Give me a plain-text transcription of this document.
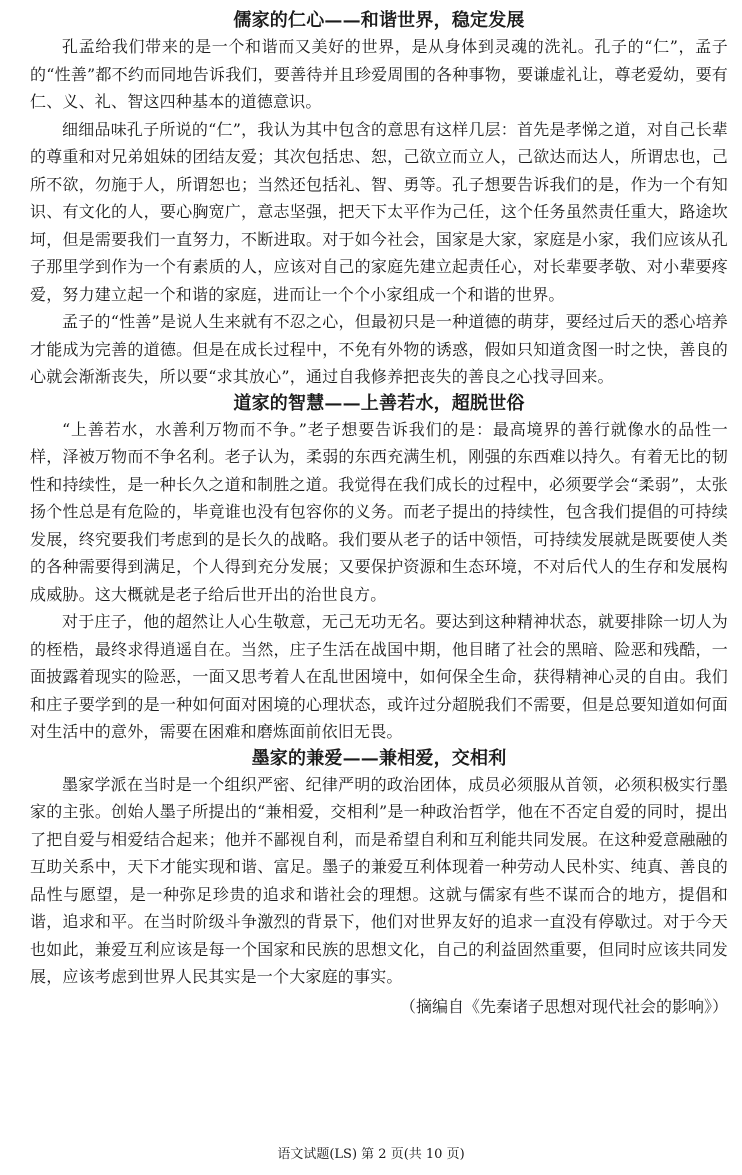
儒家的仁心——和谐世界，稳定发展

孔孟给我们带来的是一个和谐而又美好的世界，是从身体到灵魂的洗礼。孔子的“仁”，孟子的“性善”都不约而同地告诉我们，要善待并且珍爱周围的各种事物，要谦虚礼让，尊老爱幼，要有仁、义、礼、智这四种基本的道德意识。

细细品味孔子所说的“仁”，我认为其中包含的意思有这样几层：首先是孝悌之道，对自己长辈的尊重和对兄弟姐妹的团结友爱；其次包括忠、恕，己欲立而立人，己欲达而达人，所谓忠也，己所不欲，勿施于人，所谓恕也；当然还包括礼、智、勇等。孔子想要告诉我们的是，作为一个有知识、有文化的人，要心胸宽广，意志坚强，把天下太平作为己任，这个任务虽然责任重大，路途坎坷，但是需要我们一直努力，不断进取。对于如今社会，国家是大家，家庭是小家，我们应该从孔子那里学到作为一个有素质的人，应该对自己的家庭先建立起责任心，对长辈要孝敬、对小辈要疼爱，努力建立起一个和谐的家庭，进而让一个个小家组成一个和谐的世界。

孟子的“性善”是说人生来就有不忍之心，但最初只是一种道德的萌芽，要经过后天的悉心培养才能成为完善的道德。但是在成长过程中，不免有外物的诱惑，假如只知道贪图一时之快，善良的心就会渐渐丧失，所以要“求其放心”，通过自我修养把丧失的善良之心找寻回来。

道家的智慧——上善若水，超脱世俗

“上善若水，水善利万物而不争。”老子想要告诉我们的是：最高境界的善行就像水的品性一样，泽被万物而不争名利。老子认为，柔弱的东西充满生机，刚强的东西难以持久。有着无比的韧性和持续性，是一种长久之道和制胜之道。我觉得在我们成长的过程中，必须要学会“柔弱”，太张扬个性总是有危险的，毕竟谁也没有包容你的义务。而老子提出的持续性，包含我们提倡的可持续发展，终究要我们考虑到的是长久的战略。我们要从老子的话中领悟，可持续发展就是既要使人类的各种需要得到满足，个人得到充分发展；又要保护资源和生态环境，不对后代人的生存和发展构成威胁。这大概就是老子给后世开出的治世良方。

对于庄子，他的超然让人心生敬意，无己无功无名。要达到这种精神状态，就要排除一切人为的桎梏，最终求得逍遥自在。当然，庄子生活在战国中期，他目睹了社会的黑暗、险恶和残酷，一面披露着现实的险恶，一面又思考着人在乱世困境中，如何保全生命，获得精神心灵的自由。我们和庄子要学到的是一种如何面对困境的心理状态，或许过分超脱我们不需要，但是总要知道如何面对生活中的意外，需要在困难和磨炼面前依旧无畏。

墨家的兼爱——兼相爱，交相利

墨家学派在当时是一个组织严密、纪律严明的政治团体，成员必须服从首领，必须积极实行墨家的主张。创始人墨子所提出的“兼相爱，交相利”是一种政治哲学，他在不否定自爱的同时，提出了把自爱与相爱结合起来；他并不鄙视自利，而是希望自利和互利能共同发展。在这种爱意融融的互助关系中，天下才能实现和谐、富足。墨子的兼爱互利体现着一种劳动人民朴实、纯真、善良的品性与愿望，是一种弥足珍贵的追求和谐社会的理想。这就与儒家有些不谋而合的地方，提倡和谐，追求和平。在当时阶级斗争激烈的背景下，他们对世界友好的追求一直没有停歇过。对于今天也如此，兼爱互利应该是每一个国家和民族的思想文化，自己的利益固然重要，但同时应该共同发展，应该考虑到世界人民其实是一个大家庭的事实。

（摘编自《先秦诸子思想对现代社会的影响》）
语文试题(LS) 第 2 页(共 10 页)
